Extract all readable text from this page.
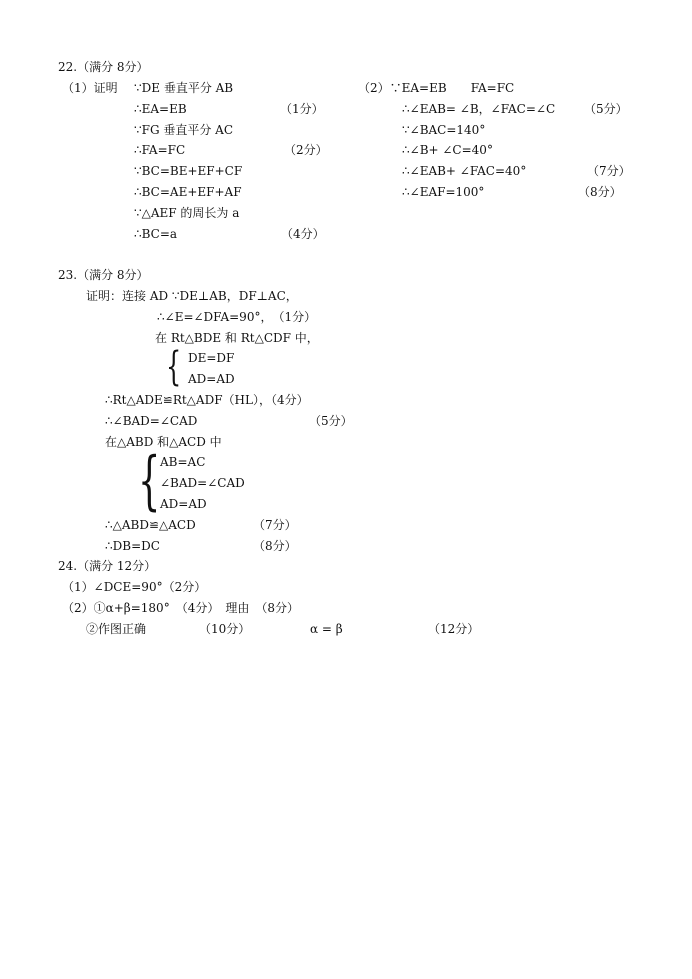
22.（满分 8分）
（1）证明 ∵DE 垂直平分 AB
∴EA=EB	（1分）
∵FG 垂直平分 AC
∴FA=FC	（2分）
∵BC=BE+EF+CF
∴BC=AE+EF+AF
∵△AEF 的周长为 a
∴BC=a	（4分）
（2）∵EA=EB　　FA=FC
∴∠EAB= ∠B，∠FAC=∠C （5分）
∵∠BAC=140°
∴∠B+ ∠C=40°
∴∠EAB+ ∠FAC=40°	（7分）
∴∠EAF=100°	（8分）
23.（满分 8分）
证明：连接 AD ∵DE⊥AB，DF⊥AC，
∴∠E=∠DFA=90°，　（1分）
在 Rt△BDE 和 Rt△CDF 中，
{ DE=DF
AD=AD
∴Rt△ADE≌Rt△ADF（HL），（4分）
∴∠BAD=∠CAD	（5分）
在△ABD 和△ACD 中
{ AB=AC
∠BAD=∠CAD
AD=AD
∴△ABD≌△ACD	（7分）
∴DB=DC	（8分）
24.（满分 12分）
（1）∠DCE=90°（2分）
（2）①α+β=180°　（4分）　理由　（8分）
②作图正确	（10分）	α = β	（12分）
